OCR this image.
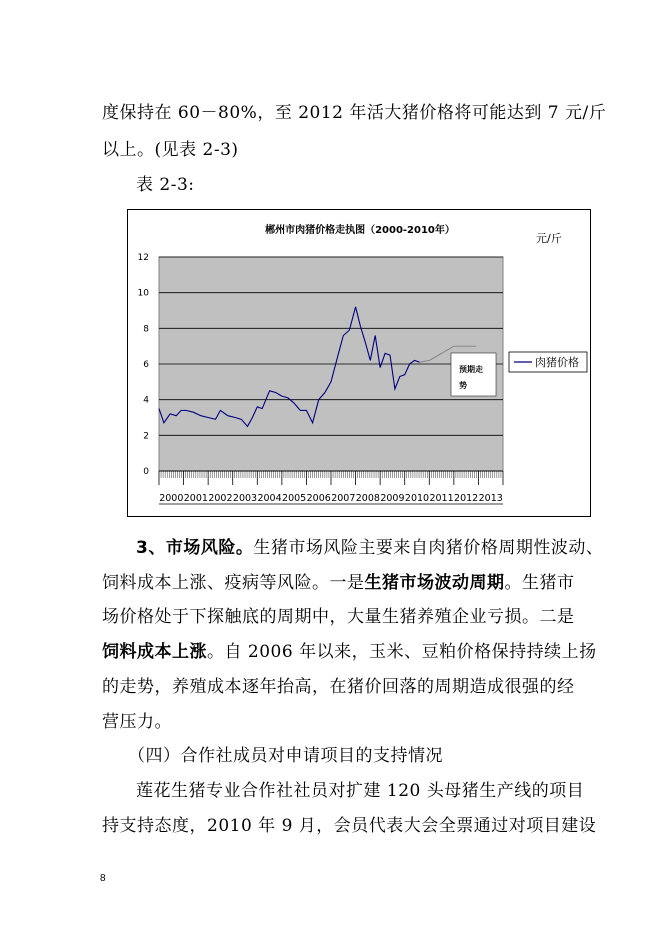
度保持在 60－80%，至 2012 年活大猪价格将可能达到 7 元/斤
以上。(见表 2-3)
表 2-3:
郴州市肉猪价格走执图（2000-2010年）
元/斤
0
2
4
6
8
10
12
2000 2001 2002 2003 2004 2005 2006 2007 2008 2009 2010 2011 2012 2013
预期走
势
肉猪价格
3、市场风险。生猪市场风险主要来自肉猪价格周期性波动、
饲料成本上涨、疫病等风险。一是生猪市场波动周期。生猪市
场价格处于下探触底的周期中，大量生猪养殖企业亏损。二是
饲料成本上涨。自 2006 年以来，玉米、豆粕价格保持持续上扬
的走势，养殖成本逐年抬高，在猪价回落的周期造成很强的经
营压力。
（四）合作社成员对申请项目的支持情况
莲花生猪专业合作社社员对扩建 120 头母猪生产线的项目
持支持态度，2010 年 9 月，会员代表大会全票通过对项目建设
8
